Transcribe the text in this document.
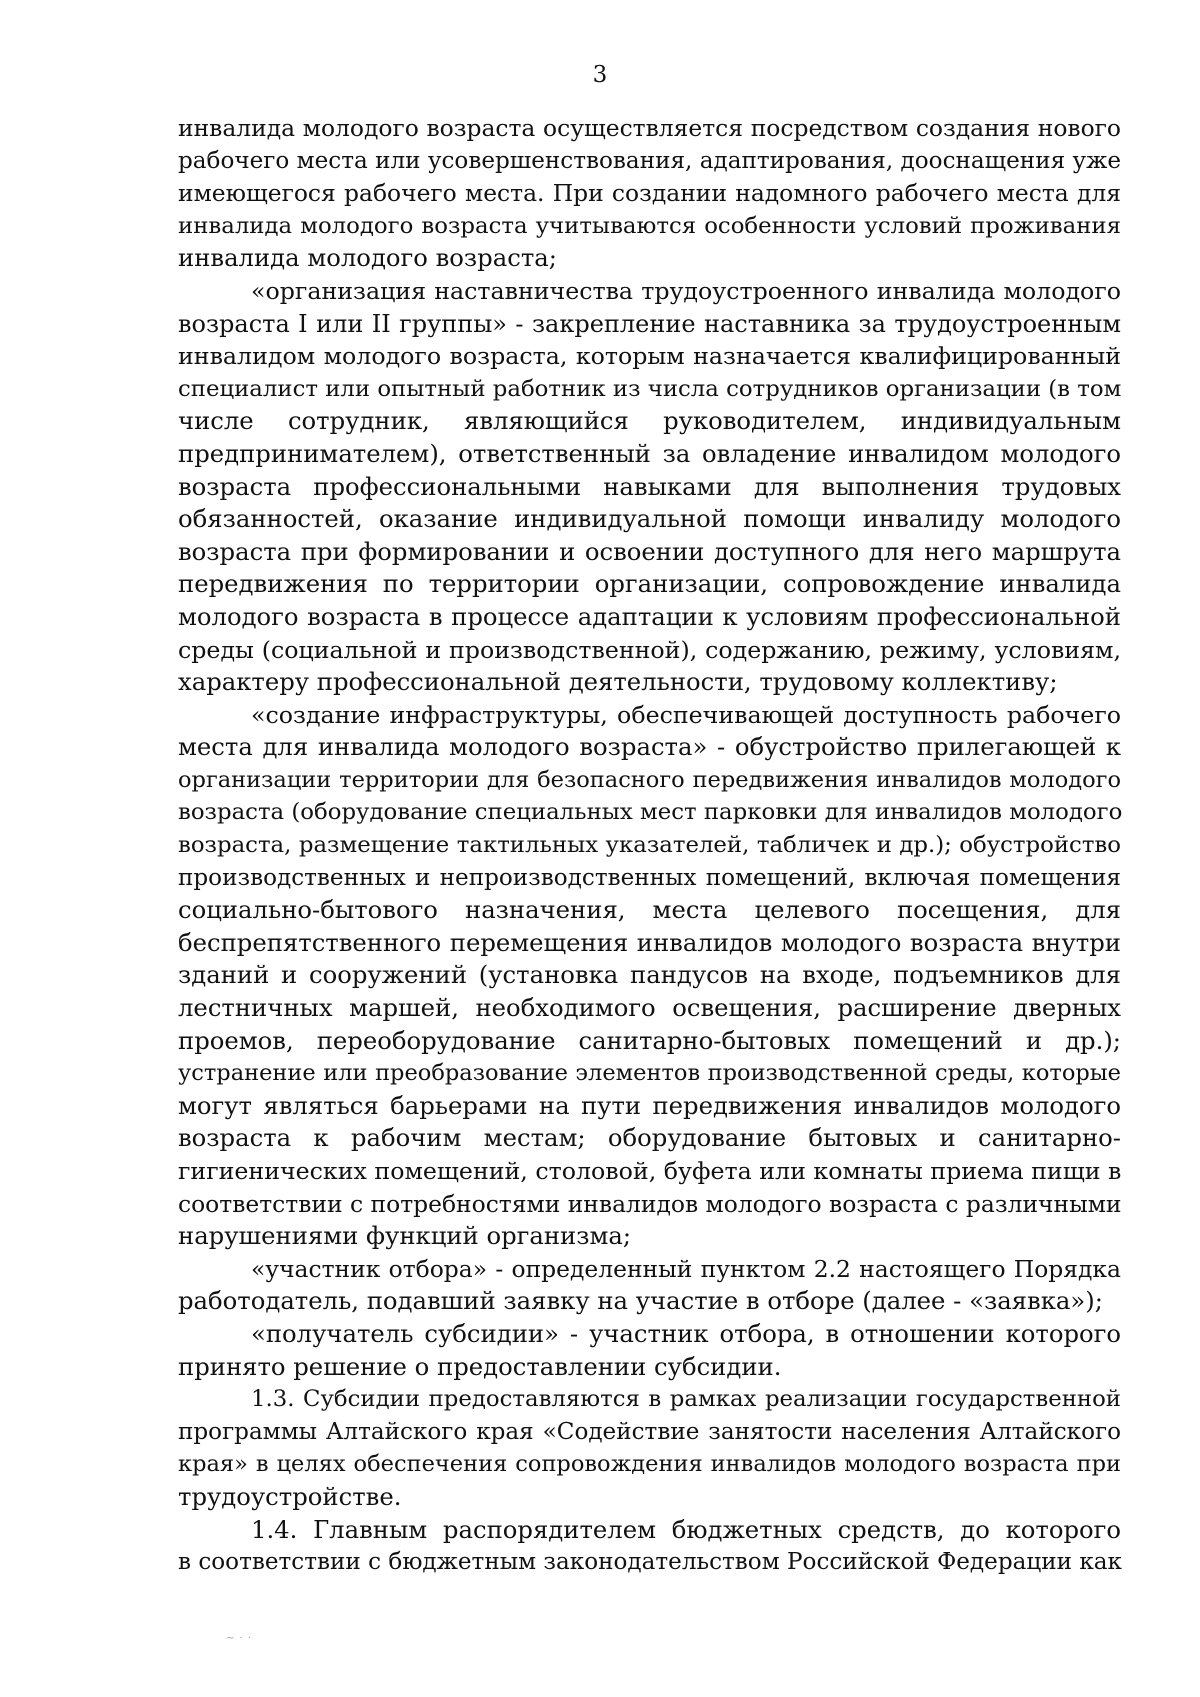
3
инвалида молодого возраста осуществляется посредством создания нового
рабочего места или усовершенствования, адаптирования, дооснащения уже
имеющегося рабочего места. При создании надомного рабочего места для
инвалида молодого возраста учитываются особенности условий проживания
инвалида молодого возраста;
«организация наставничества трудоустроенного инвалида молодого
возраста I или II группы» - закрепление наставника за трудоустроенным
инвалидом молодого возраста, которым назначается квалифицированный
специалист или опытный работник из числа сотрудников организации (в том
числе сотрудник, являющийся руководителем, индивидуальным
предпринимателем), ответственный за овладение инвалидом молодого
возраста профессиональными навыками для выполнения трудовых
обязанностей, оказание индивидуальной помощи инвалиду молодого
возраста при формировании и освоении доступного для него маршрута
передвижения по территории организации, сопровождение инвалида
молодого возраста в процессе адаптации к условиям профессиональной
среды (социальной и производственной), содержанию, режиму, условиям,
характеру профессиональной деятельности, трудовому коллективу;
«создание инфраструктуры, обеспечивающей доступность рабочего
места для инвалида молодого возраста» - обустройство прилегающей к
организации территории для безопасного передвижения инвалидов молодого
возраста (оборудование специальных мест парковки для инвалидов молодого
возраста, размещение тактильных указателей, табличек и др.); обустройство
производственных и непроизводственных помещений, включая помещения
социально-бытового назначения, места целевого посещения, для
беспрепятственного перемещения инвалидов молодого возраста внутри
зданий и сооружений (установка пандусов на входе, подъемников для
лестничных маршей, необходимого освещения, расширение дверных
проемов, переоборудование санитарно-бытовых помещений и др.);
устранение или преобразование элементов производственной среды, которые
могут являться барьерами на пути передвижения инвалидов молодого
возраста к рабочим местам; оборудование бытовых и санитарно-
гигиенических помещений, столовой, буфета или комнаты приема пищи в
соответствии с потребностями инвалидов молодого возраста с различными
нарушениями функций организма;
«участник отбора» - определенный пунктом 2.2 настоящего Порядка
работодатель, подавший заявку на участие в отборе (далее - «заявка»);
«получатель субсидии» - участник отбора, в отношении которого
принято решение о предоставлении субсидии.
1.3. Субсидии предоставляются в рамках реализации государственной
программы Алтайского края «Содействие занятости населения Алтайского
края» в целях обеспечения сопровождения инвалидов молодого возраста при
трудоустройстве.
1.4. Главным распорядителем бюджетных средств, до которого
в соответствии с бюджетным законодательством Российской Федерации как
~ · ·
